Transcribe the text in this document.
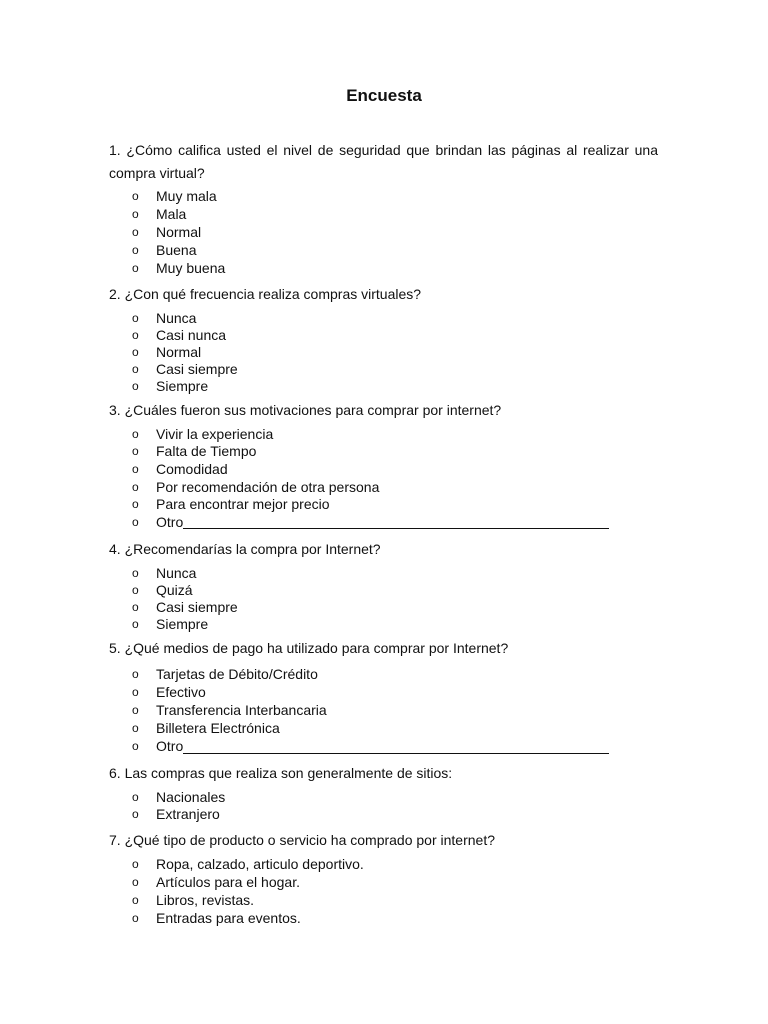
Encuesta
1. ¿Cómo califica usted el nivel de seguridad que brindan las páginas al realizar una compra virtual?
o	Muy mala
o	Mala
o	Normal
o	Buena
o	Muy buena
2. ¿Con qué frecuencia realiza compras virtuales?
o	Nunca
o	Casi nunca
o	Normal
o	Casi siempre
o	Siempre
3. ¿Cuáles fueron sus motivaciones para comprar por internet?
o	Vivir la experiencia
o	Falta de Tiempo
o	Comodidad
o	Por recomendación de otra persona
o	Para encontrar mejor precio
o	Otro
4. ¿Recomendarías la compra por Internet?
o	Nunca
o	Quizá
o	Casi siempre
o	Siempre
5. ¿Qué medios de pago ha utilizado para comprar por Internet?
o	Tarjetas de Débito/Crédito
o	Efectivo
o	Transferencia Interbancaria
o	Billetera Electrónica
o	Otro
6. Las compras que realiza son generalmente de sitios:
o	Nacionales
o	Extranjero
7. ¿Qué tipo de producto o servicio ha comprado por internet?
o	Ropa, calzado, articulo deportivo.
o	Artículos para el hogar.
o	Libros, revistas.
o	Entradas para eventos.
